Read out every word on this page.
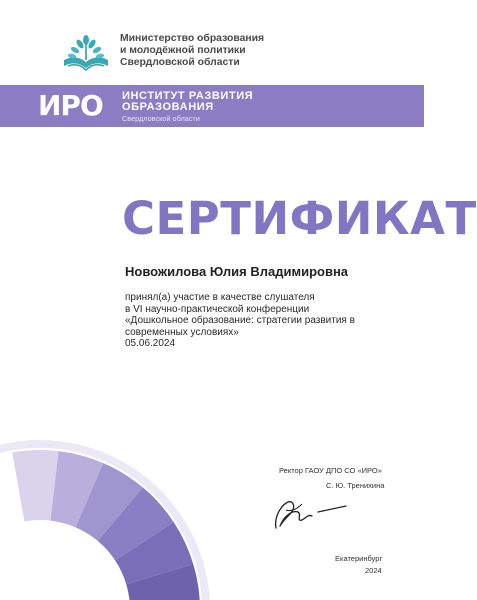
Министерство образования
и молодёжной политики
Свердловской области
ИРО ИНСТИТУТ РАЗВИТИЯ
ОБРАЗОВАНИЯ
Свердловской области
СЕРТИФИКАТ
Новожилова Юлия Владимировна
принял(а) участие в качестве слушателя
в VI научно-практической конференции
«Дошкольное образование: стратегии развития в
современных условиях»
05.06.2024
Ректор ГАОУ ДПО СО «ИРО»
С. Ю. Тренихина
Екатеринбург
2024
